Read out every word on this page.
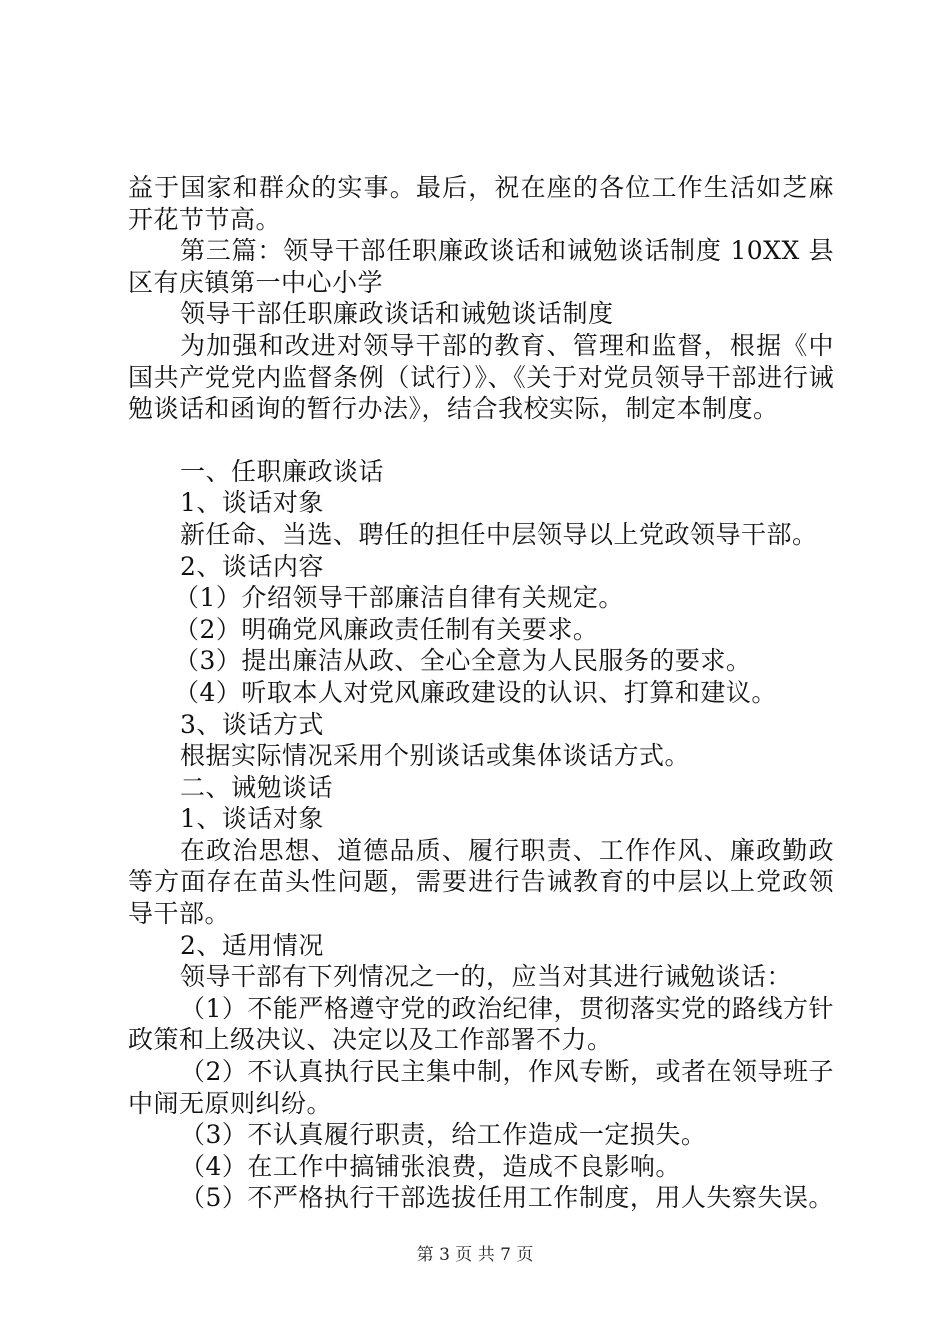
益于国家和群众的实事。最后，祝在座的各位工作生活如芝麻开花节节高。

第三篇：领导干部任职廉政谈话和诫勉谈话制度 10XX 县区有庆镇第一中心小学

领导干部任职廉政谈话和诫勉谈话制度

为加强和改进对领导干部的教育、管理和监督，根据《中国共产党党内监督条例（试行）》、《关于对党员领导干部进行诫勉谈话和函询的暂行办法》，结合我校实际，制定本制度。

一、任职廉政谈话

1、谈话对象

新任命、当选、聘任的担任中层领导以上党政领导干部。

2、谈话内容

（1）介绍领导干部廉洁自律有关规定。

（2）明确党风廉政责任制有关要求。

（3）提出廉洁从政、全心全意为人民服务的要求。

（4）听取本人对党风廉政建设的认识、打算和建议。

3、谈话方式

根据实际情况采用个别谈话或集体谈话方式。

二、诫勉谈话

1、谈话对象

在政治思想、道德品质、履行职责、工作作风、廉政勤政等方面存在苗头性问题，需要进行告诫教育的中层以上党政领导干部。

2、适用情况

领导干部有下列情况之一的，应当对其进行诫勉谈话：

（1）不能严格遵守党的政治纪律，贯彻落实党的路线方针政策和上级决议、决定以及工作部署不力。

（2）不认真执行民主集中制，作风专断，或者在领导班子中闹无原则纠纷。

（3）不认真履行职责，给工作造成一定损失。

（4）在工作中搞铺张浪费，造成不良影响。

（5）不严格执行干部选拔任用工作制度，用人失察失误。

第 3 页 共 7 页
